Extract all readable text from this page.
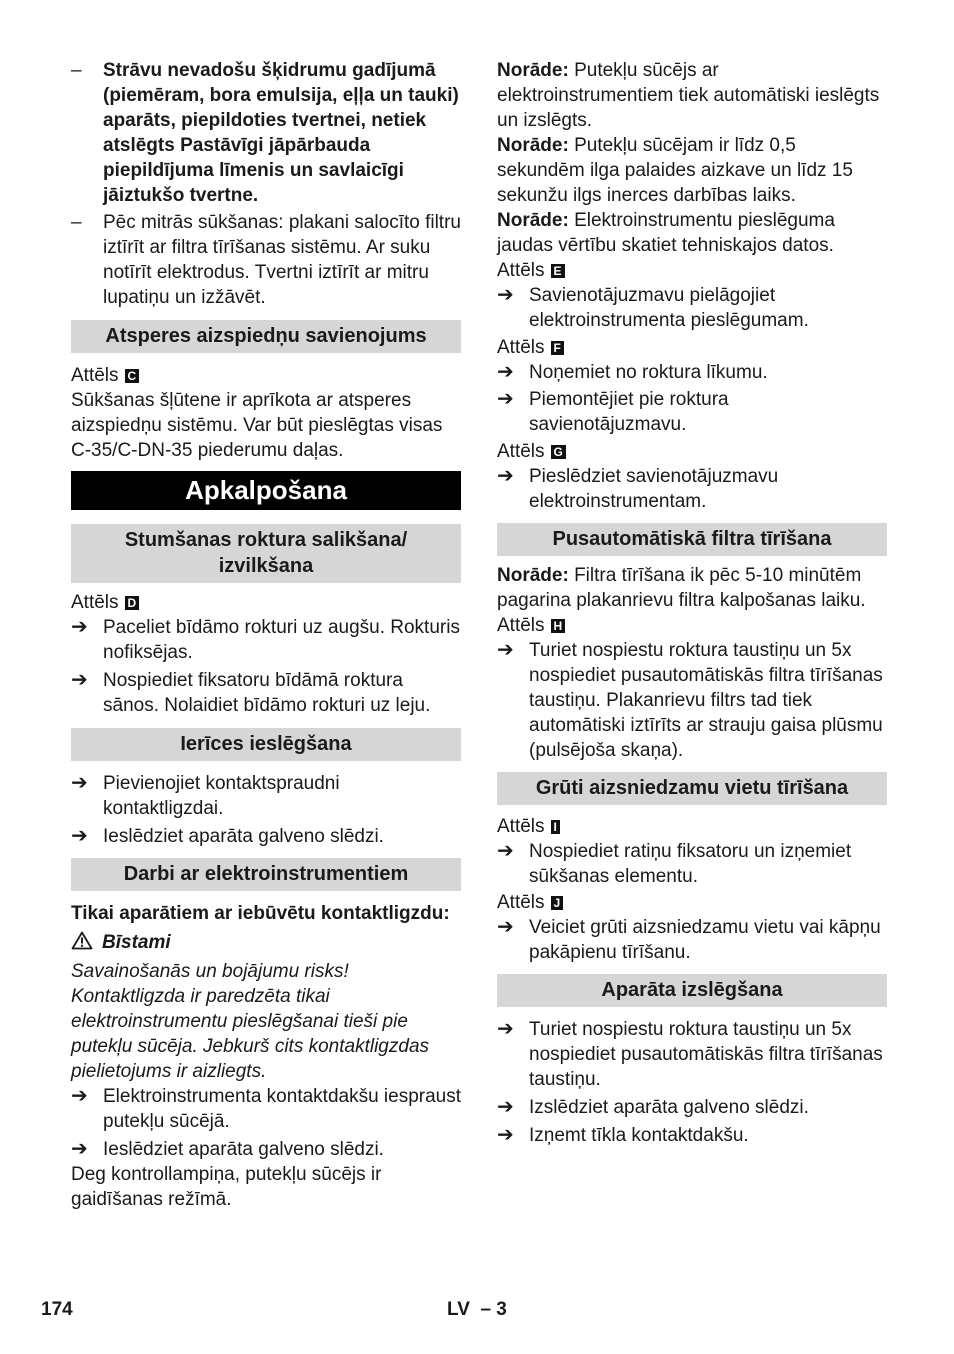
– Strāvu nevadošu šķidrumu gadījumā (piemēram, bora emulsija, eļļa un tauki) aparāts, piepildoties tvertnei, netiek atslēgts Pastāvīgi jāpārbauda piepildījuma līmenis un savlaicīgi jāiztukšo tvertne.
– Pēc mitrās sūkšanas: plakani salocīto filtru iztīrīt ar filtra tīrīšanas sistēmu. Ar suku notīrīt elektrodus. Tvertni iztīrīt ar mitru lupatiņu un izžāvēt.
Atsperes aizspiedņu savienojums

Attēls C

Sūkšanas šļūtene ir aprīkota ar atsperes aizspiedņu sistēmu. Var būt pieslēgtas visas C-35/C-DN-35 piederumu daļas.

Apkalpošana
Stumšanas roktura salikšana/
izvilkšana

Attēls D

➔ Paceliet bīdāmo rokturi uz augšu. Rokturis nofiksējas.
➔ Nospiediet fiksatoru bīdāmā roktura sānos. Nolaidiet bīdāmo rokturi uz leju.
Ierīces ieslēgšana
➔ Pievienojiet kontaktspraudni kontaktligzdai.
➔ Ieslēdziet aparāta galveno slēdzi.
Darbi ar elektroinstrumentiem

Tikai aparātiem ar iebūvētu kontaktligzdu:

Bīstami

Savainošanās un bojājumu risks! Kontaktligzda ir paredzēta tikai elektroinstrumentu pieslēgšanai tieši pie putekļu sūcēja. Jebkurš cits kontaktligzdas pielietojums ir aizliegts.

➔ Elektroinstrumenta kontaktdakšu iespraust putekļu sūcējā.
➔ Ieslēdziet aparāta galveno slēdzi.

Deg kontrollampiņa, putekļu sūcējs ir gaidīšanas režīmā.

Norāde: Putekļu sūcējs ar elektroinstrumentiem tiek automātiski ieslēgts un izslēgts.

Norāde: Putekļu sūcējam ir līdz 0,5 sekundēm ilga palaides aizkave un līdz 15 sekunžu ilgs inerces darbības laiks.

Norāde: Elektroinstrumentu pieslēguma jaudas vērtību skatiet tehniskajos datos.

Attēls E

➔ Savienotājuzmavu pielāgojiet elektroinstrumenta pieslēgumam.

Attēls F

➔ Noņemiet no roktura līkumu.
➔ Piemontējiet pie roktura savienotājuzmavu.

Attēls G

➔ Pieslēdziet savienotājuzmavu elektroinstrumentam.
Pusautomātiskā filtra tīrīšana

Norāde: Filtra tīrīšana ik pēc 5-10 minūtēm pagarina plakanrievu filtra kalpošanas laiku.

Attēls H

➔ Turiet nospiestu roktura taustiņu un 5x nospiediet pusautomātiskās filtra tīrīšanas taustiņu. Plakanrievu filtrs tad tiek automātiski iztīrīts ar strauju gaisa plūsmu (pulsējoša skaņa).
Grūti aizsniedzamu vietu tīrīšana

Attēls I

➔ Nospiediet ratiņu fiksatoru un izņemiet sūkšanas elementu.

Attēls J

➔ Veiciet grūti aizsniedzamu vietu vai kāpņu pakāpienu tīrīšanu.
Aparāta izslēgšana
➔ Turiet nospiestu roktura taustiņu un 5x nospiediet pusautomātiskās filtra tīrīšanas taustiņu.
➔ Izslēdziet aparāta galveno slēdzi.
➔ Izņemt tīkla kontaktdakšu.
174	LV – 3
